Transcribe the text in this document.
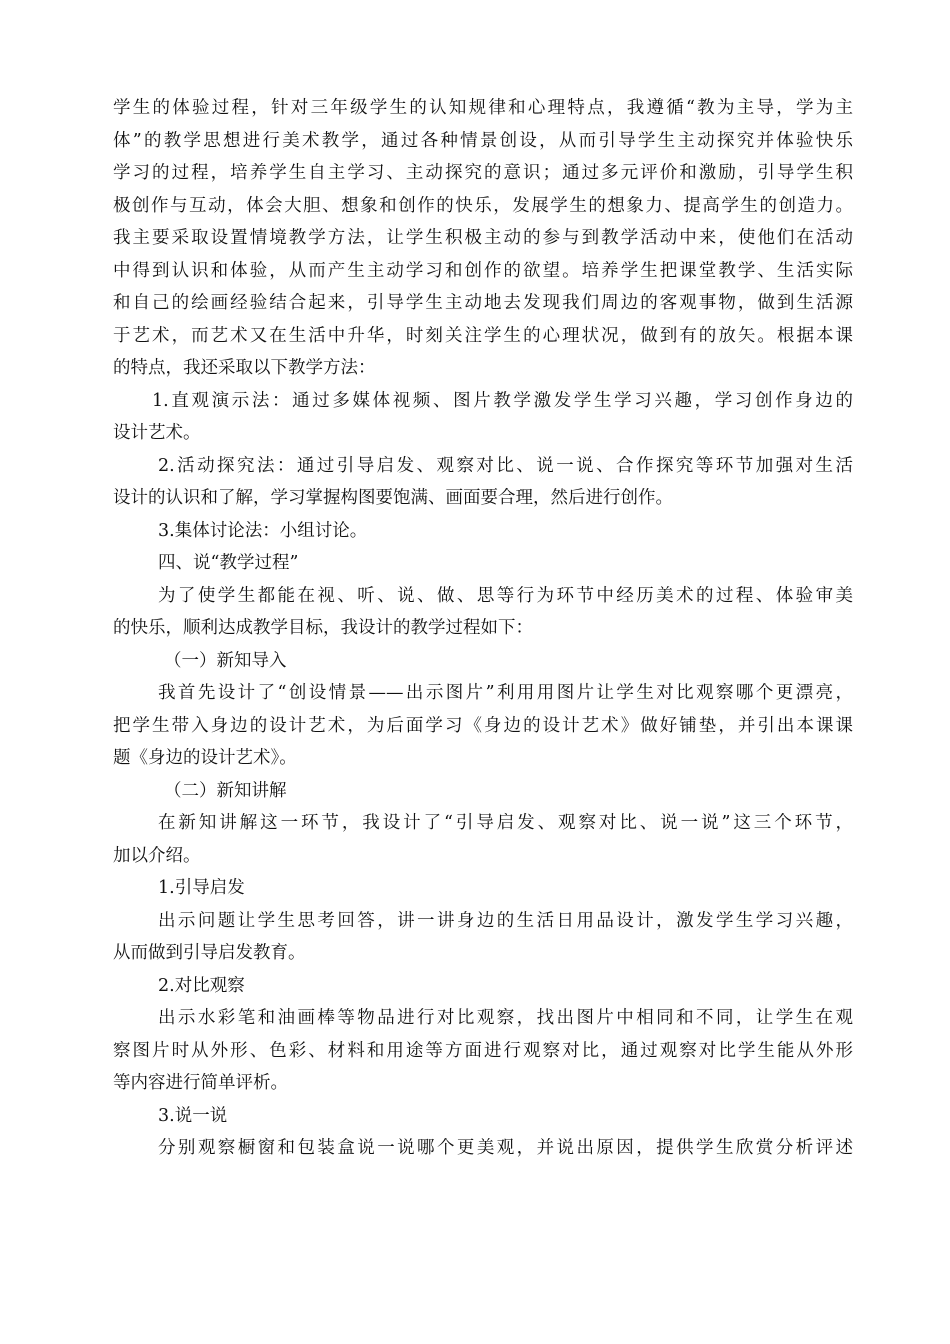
学生的体验过程，针对三年级学生的认知规律和心理特点，我遵循“教为主导，学为主
体”的教学思想进行美术教学，通过各种情景创设，从而引导学生主动探究并体验快乐
学习的过程，培养学生自主学习、主动探究的意识；通过多元评价和激励，引导学生积
极创作与互动，体会大胆、想象和创作的快乐，发展学生的想象力、提高学生的创造力。
我主要采取设置情境教学方法，让学生积极主动的参与到教学活动中来，使他们在活动
中得到认识和体验，从而产生主动学习和创作的欲望。培养学生把课堂教学、生活实际
和自己的绘画经验结合起来，引导学生主动地去发现我们周边的客观事物，做到生活源
于艺术，而艺术又在生活中升华，时刻关注学生的心理状况，做到有的放矢。根据本课
的特点，我还采取以下教学方法：
1.直观演示法：通过多媒体视频、图片教学激发学生学习兴趣，学习创作身边的
设计艺术。
2.活动探究法：通过引导启发、观察对比、说一说、合作探究等环节加强对生活
设计的认识和了解，学习掌握构图要饱满、画面要合理，然后进行创作。
3.集体讨论法：小组讨论。
四、说“教学过程”
为了使学生都能在视、听、说、做、思等行为环节中经历美术的过程、体验审美
的快乐，顺利达成教学目标，我设计的教学过程如下：
（一）新知导入
我首先设计了“创设情景——出示图片”利用用图片让学生对比观察哪个更漂亮，
把学生带入身边的设计艺术，为后面学习《身边的设计艺术》做好铺垫，并引出本课课
题《身边的设计艺术》。
（二）新知讲解
在新知讲解这一环节，我设计了“引导启发、观察对比、说一说”这三个环节，
加以介绍。
1.引导启发
出示问题让学生思考回答，讲一讲身边的生活日用品设计，激发学生学习兴趣，
从而做到引导启发教育。
2.对比观察
出示水彩笔和油画棒等物品进行对比观察，找出图片中相同和不同，让学生在观
察图片时从外形、色彩、材料和用途等方面进行观察对比，通过观察对比学生能从外形
等内容进行简单评析。
3.说一说
分别观察橱窗和包装盒说一说哪个更美观，并说出原因，提供学生欣赏分析评述
